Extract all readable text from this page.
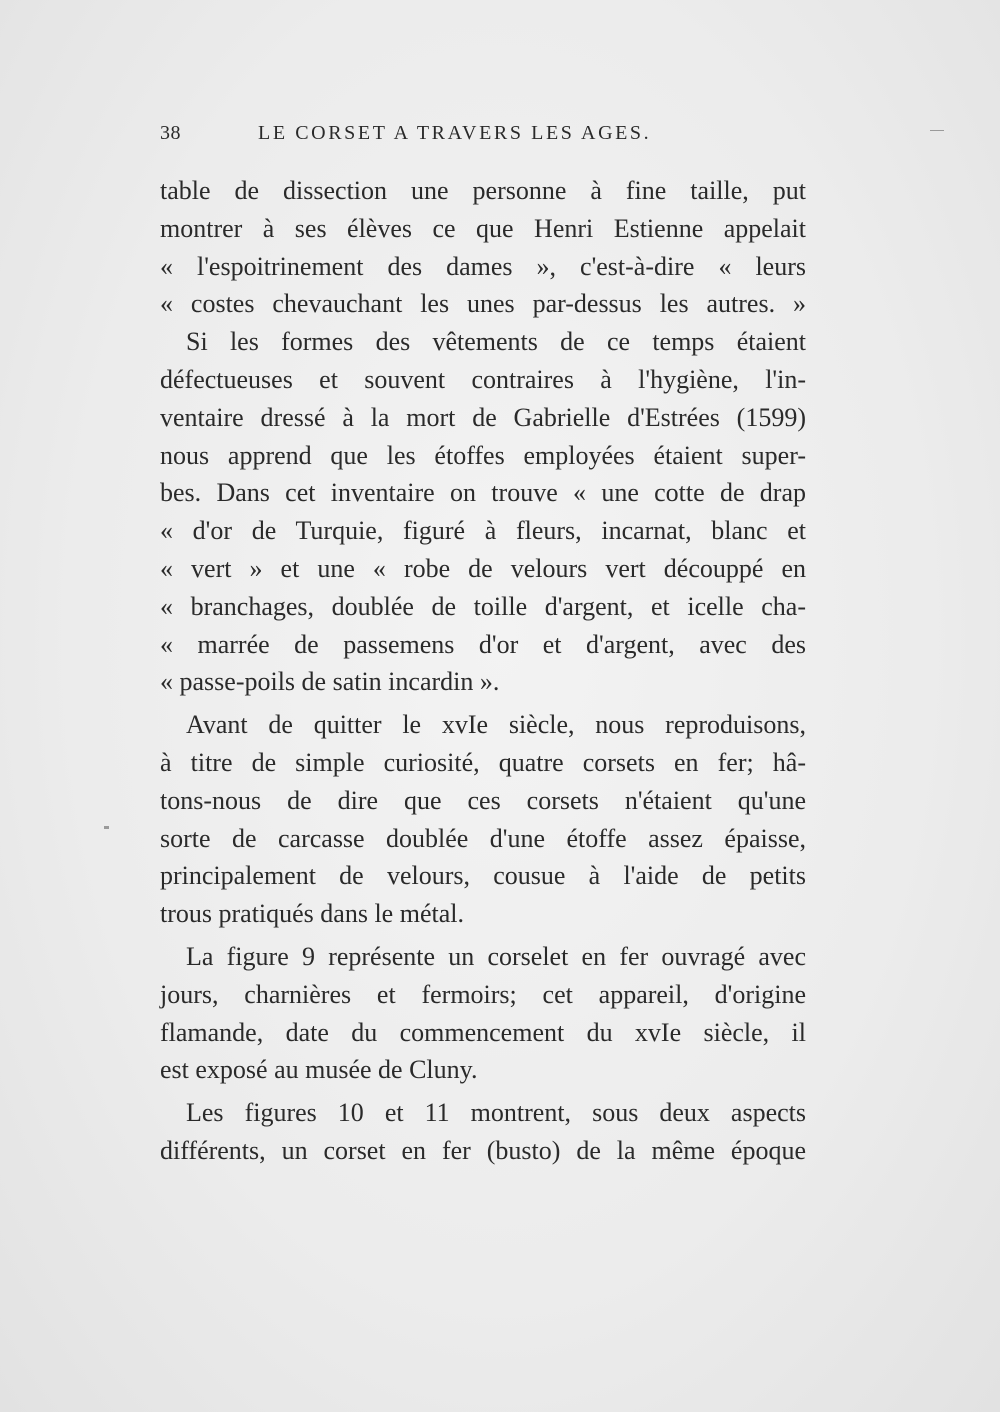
38	LE CORSET A TRAVERS LES AGES.
table de dissection une personne à fine taille, put
montrer à ses élèves ce que Henri Estienne appelait
« l'espoitrinement des dames », c'est-à-dire « leurs
« costes chevauchant les unes par-dessus les autres. »
Si les formes des vêtements de ce temps étaient
défectueuses et souvent contraires à l'hygiène, l'in-
ventaire dressé à la mort de Gabrielle d'Estrées (1599)
nous apprend que les étoffes employées étaient super-
bes. Dans cet inventaire on trouve « une cotte de drap
« d'or de Turquie, figuré à fleurs, incarnat, blanc et
« vert » et une « robe de velours vert découppé en
« branchages, doublée de toille d'argent, et icelle cha-
« marrée de passemens d'or et d'argent, avec des
« passe-poils de satin incardin ».
Avant de quitter le xvIe siècle, nous reproduisons,
à titre de simple curiosité, quatre corsets en fer; hâ-
tons-nous de dire que ces corsets n'étaient qu'une
sorte de carcasse doublée d'une étoffe assez épaisse,
principalement de velours, cousue à l'aide de petits
trous pratiqués dans le métal.
La figure 9 représente un corselet en fer ouvragé avec
jours, charnières et fermoirs; cet appareil, d'origine
flamande, date du commencement du xvIe siècle, il
est exposé au musée de Cluny.
Les figures 10 et 11 montrent, sous deux aspects
différents, un corset en fer (busto) de la même époque
